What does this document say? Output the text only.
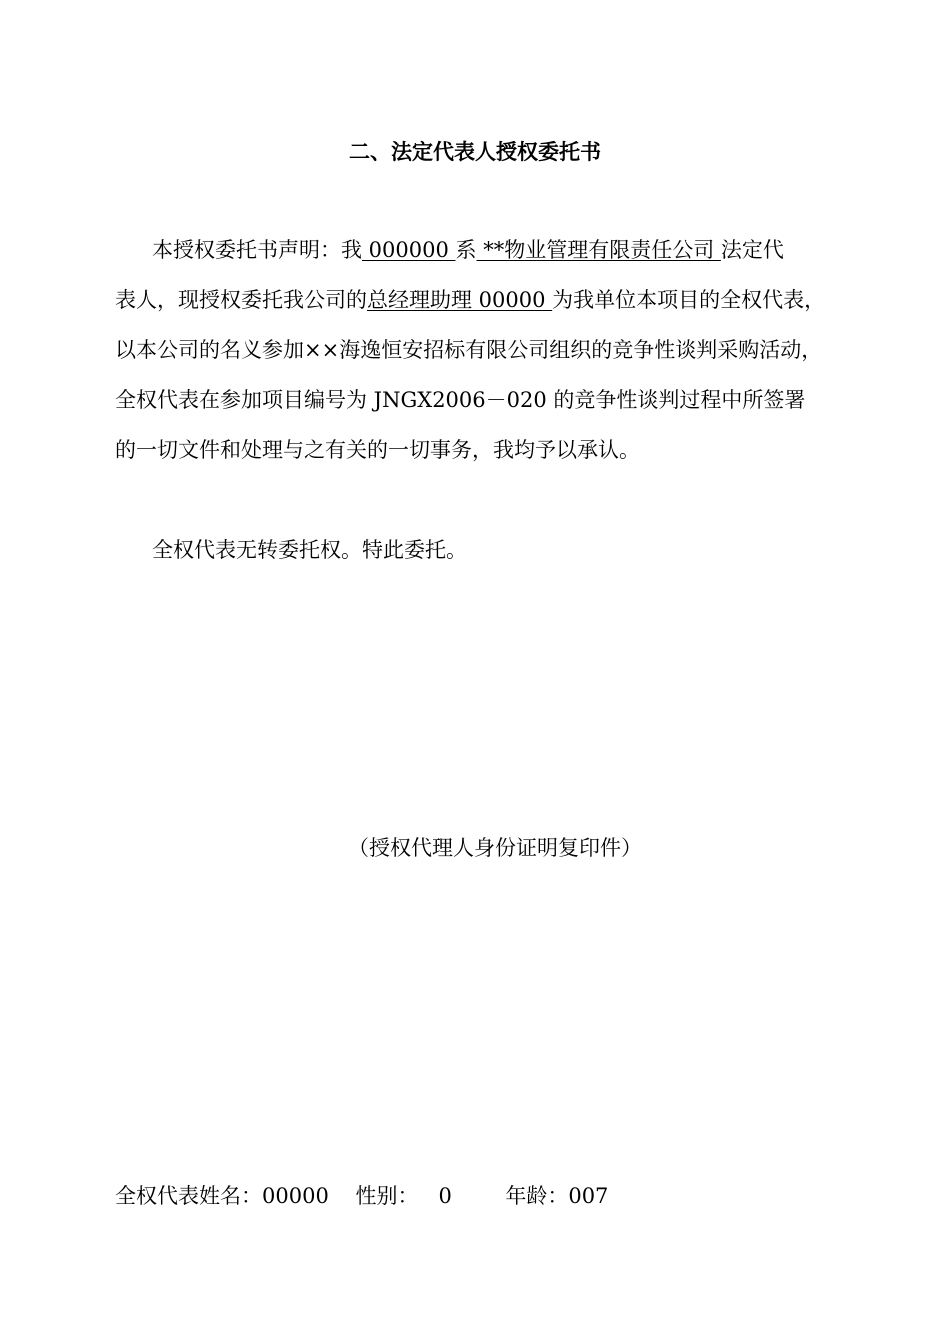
二、法定代表人授权委托书
本授权委托书声明：我 000000 系 **物业管理有限责任公司 法定代
表人，现授权委托我公司的总经理助理 00000 为我单位本项目的全权代表，
以本公司的名义参加××海逸恒安招标有限公司组织的竞争性谈判采购活动，
全权代表在参加项目编号为 JNGX2006－020 的竞争性谈判过程中所签署
的一切文件和处理与之有关的一切事务，我均予以承认。
全权代表无转委托权。特此委托。
（授权代理人身份证明复印件）
全权代表姓名：00000 性别： 0	年龄：007
